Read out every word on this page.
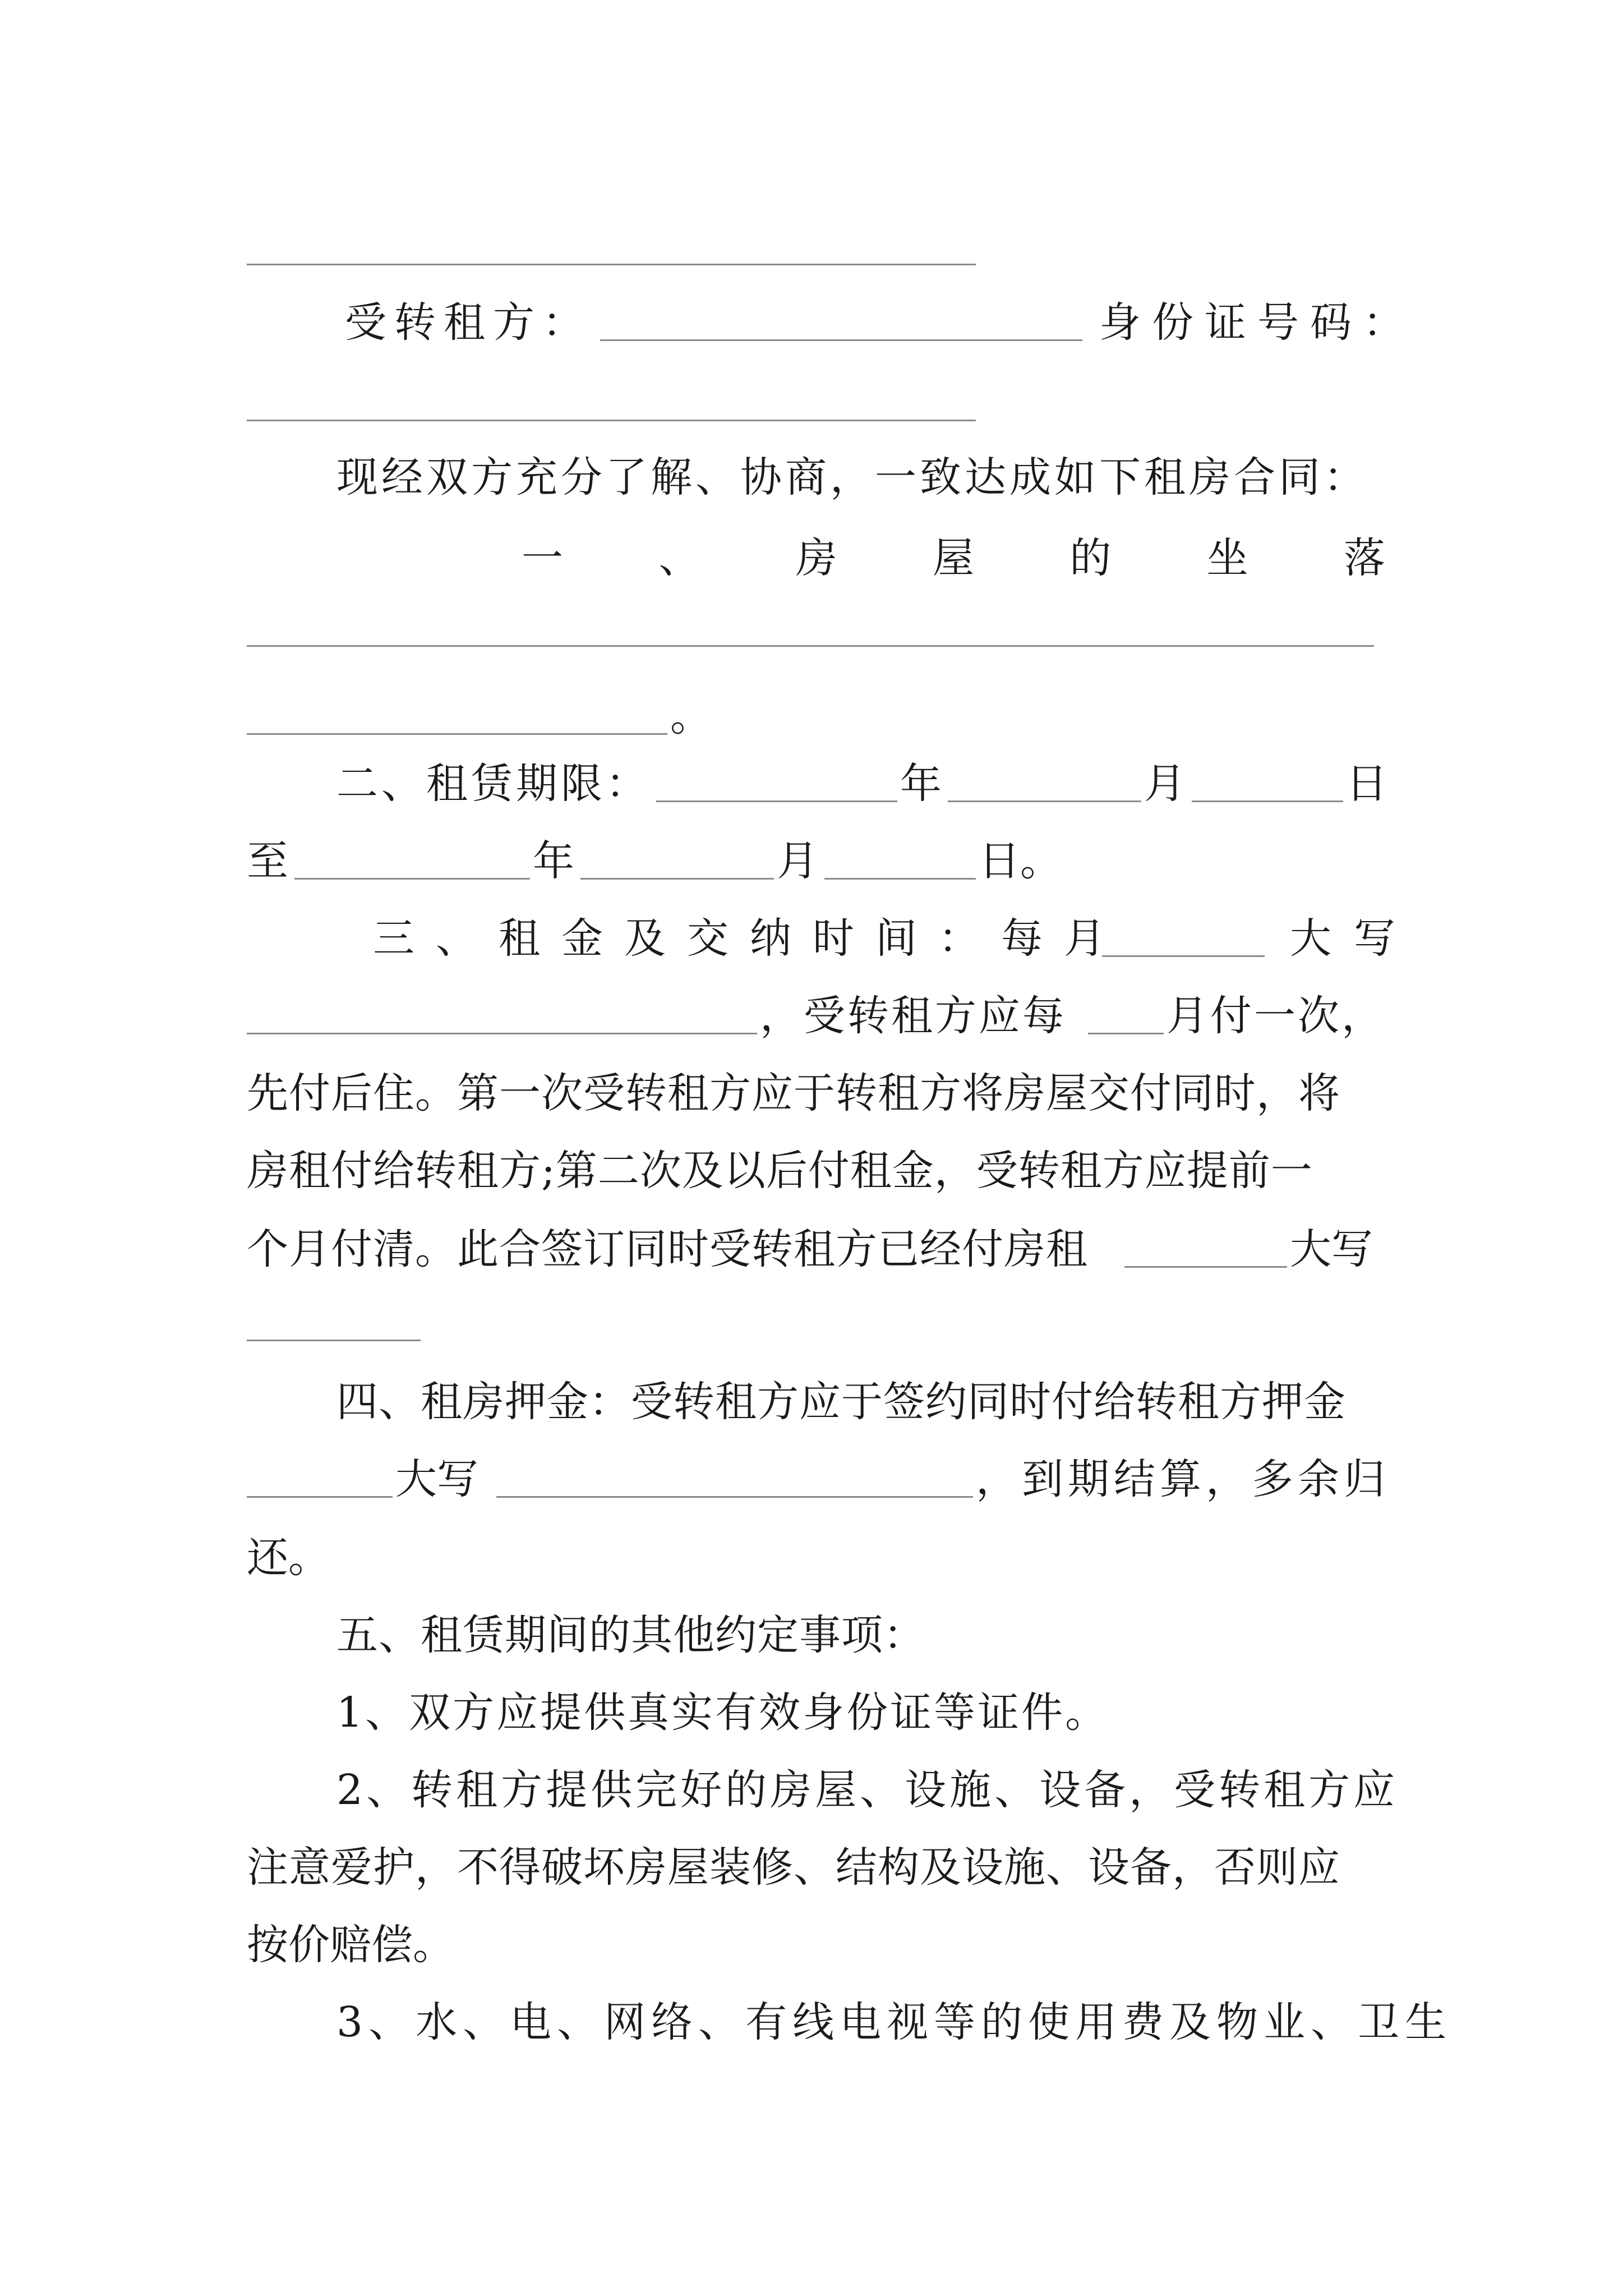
受转租方：	身份证号码：
现经双方充分了解、协商，一致达成如下租房合同：
一 、 房 屋 的 坐 落
。
二、租赁期限：	年	月	日
至	年	月	日。
三、租金及交纳时间：每月	大写
，受转租方应每 月付一次，
先付后住。第一次受转租方应于转租方将房屋交付同时，将
房租付给转租方;第二次及以后付租金，受转租方应提前一
个月付清。此合签订同时受转租方已经付房租	大写
四、租房押金：受转租方应于签约同时付给转租方押金
大写	，到期结算，多余归
还。
五、租赁期间的其他约定事项：
1、双方应提供真实有效身份证等证件。
2、转租方提供完好的房屋、设施、设备，受转租方应
注意爱护，不得破坏房屋装修、结构及设施、设备，否则应
按价赔偿。
3、水、电、网络、有线电视等的使用费及物业、卫生
